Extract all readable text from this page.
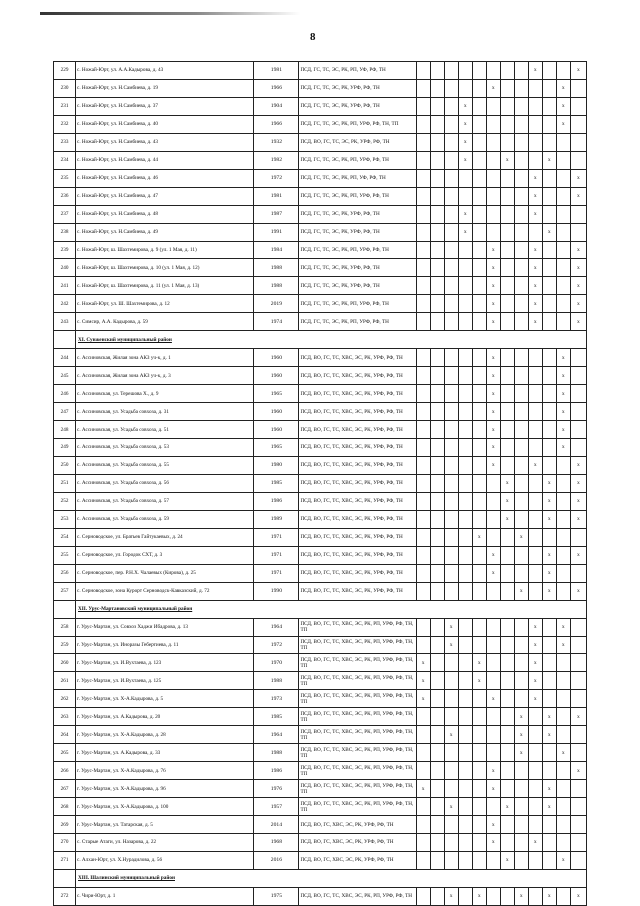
8
229	с. Ножай-Юрт, ул. А.А.Кадырова, д. 43	1981	ПСД, ГС, ТС, ЭС, РК, РП, УФ, РФ, ТН									x			x
230	с. Ножай-Юрт, ул. Н.Самбиева, д. 19	1966	ПСД, ГС, ТС, ЭС, РК, УРФ, РФ, ТН						x					x	
231	с. Ножай-Юрт, ул. Н.Самбиева, д. 37	1904	ПСД, ГС, ТС, ЭС, РК, УРФ, РФ, ТН				x							x	
232	с. Ножай-Юрт, ул. Н.Самбиева, д. 40	1966	ПСД, ГС, ТС, ЭС, РК, РП, УРФ, РФ, ТН, ТП				x							x	
233	с. Ножай-Юрт, ул. Н.Самбиева, д. 43	1932	ПСД, ВО, ГС, ТС, ЭС, РК, УРФ, РФ, ТН				x								
234	с. Ножай-Юрт, ул. Н.Самбиева, д. 44	1982	ПСД, ГС, ТС, ЭС, РК, РП, УРФ, РФ, ТН				x			x			x		
235	с. Ножай-Юрт, ул. Н.Самбиева, д. 46	1972	ПСД, ГС, ТС, ЭС, РК, РП, УФ, РФ, ТН									x			x
236	с. Ножай-Юрт, ул. Н.Самбиева, д. 47	1981	ПСД, ГС, ТС, ЭС, РК, РП, УРФ, РФ, ТН									x			x
237	с. Ножай-Юрт, ул. Н.Самбиева, д. 48	1987	ПСД, ГС, ТС, ЭС, РК, УРФ, РФ, ТН				x					x			
238	с. Ножай-Юрт, ул. Н.Самбиева, д. 49	1991	ПСД, ГС, ТС, ЭС, РК, УРФ, РФ, ТН				x						x		
239	с. Ножай-Юрт, ш. Шахтемирова, д. 9 (ул. 1 Мая, д. 11)	1984	ПСД, ГС, ТС, ЭС, РК, РП, УРФ, РФ, ТН						x			x			x
240	с. Ножай-Юрт, ш. Шахтемирова, д. 10 (ул. 1 Мая, д. 12)	1988	ПСД, ГС, ТС, ЭС, РК, УРФ, РФ, ТН						x			x			x
241	с. Ножай-Юрт, ш. Шахтемирова, д. 11 (ул. 1 Мая, д. 13)	1988	ПСД, ГС, ТС, ЭС, РК, УРФ, РФ, ТН						x			x			x
242	с. Ножай-Юрт, ул. Ш. Шахтемирова, д. 12	2019	ПСД, ГС, ТС, ЭС, РК, РП, УРФ, РФ, ТН						x			x			x
243	с. Симсир, А.А. Кадырова, д. 59	1974	ПСД, ГС, ТС, ЭС, РК, РП, УРФ, РФ, ТН						x			x			x
	XI. Сунженский муниципальный район														
244	с. Ассиновская, Жилая зона АКЗ уч-к, д. 1	1960	ПСД, ВО, ГС, ТС, ХВС, ЭС, РК, УРФ, РФ, ТН						x					x	
245	с. Ассиновская, Жилая зона АКЗ уч-к, д. 3	1960	ПСД, ВО, ГС, ТС, ХВС, ЭС, РК, УРФ, РФ, ТН						x					x	
246	с. Ассиновская, ул. Терешова Х., д. 9	1965	ПСД, ВО, ГС, ТС, ХВС, ЭС, РК, УРФ, РФ, ТН						x					x	
247	с. Ассиновская, ул. Усадьба совхоза, д. 31	1960	ПСД, ВО, ГС, ТС, ХВС, ЭС, РК, УРФ, РФ, ТН						x					x	
248	с. Ассиновская, ул. Усадьба совхоза, д. 51	1960	ПСД, ВО, ГС, ТС, ХВС, ЭС, РК, УРФ, РФ, ТН						x					x	
249	с. Ассиновская, ул. Усадьба совхоза, д. 53	1965	ПСД, ВО, ГС, ТС, ХВС, ЭС, РК, УРФ, РФ, ТН						x					x	
250	с. Ассиновская, ул. Усадьба совхоза, д. 55	1980	ПСД, ВО, ГС, ТС, ХВС, ЭС, РК, УРФ, РФ, ТН						x			x			x
251	с. Ассиновская, ул. Усадьба совхоза, д. 56	1985	ПСД, ВО, ГС, ТС, ХВС, ЭС, РК, УРФ, РФ, ТН							x			x		x
252	с. Ассиновская, ул. Усадьба совхоза, д. 57	1986	ПСД, ВО, ГС, ТС, ХВС, ЭС, РК, УРФ, РФ, ТН							x			x		x
253	с. Ассиновская, ул. Усадьба совхоза, д. 59	1989	ПСД, ВО, ГС, ТС, ХВС, ЭС, РК, УРФ, РФ, ТН							x			x		x
254	с. Серноводское, ул. Братьев Гайтукаевых, д. 24	1971	ПСД, ВО, ГС, ТС, ХВС, ЭС, РК, УРФ, РФ, ТН					x			x				
255	с. Серноводское, ул. Городок СХТ, д. 3	1971	ПСД, ВО, ГС, ТС, ХВС, ЭС, РК, УРФ, РФ, ТН						x				x		x
256	с. Серноводское, пер. Р.Н.Х. Чалаевых (Кирова), д. 25	1971	ПСД, ВО, ГС, ТС, ХВС, ЭС, РК, УРФ, РФ, ТН						x				x		
257	с. Серноводское, зона Курорт Серноводск-Кавказский, д. 72	1990	ПСД, ВО, ГС, ТС, ХВС, ЭС, РК, УРФ, РФ, ТН								x		x		x
	XII. Урус-Мартановский муниципальный район														
258	г. Урус-Мартан, ул. Совхоз Хаджи Ибадрова, д. 13	1964	ПСД, ВО, ГС, ТС, ХВС, ЭС, РК, РП, УРФ, РФ, ТН, ТП			x						x		x	
259	г. Урус-Мартан, ул. Иноразы Гебертиева, д. 11	1972	ПСД, ВО, ГС, ТС, ХВС, ЭС, РК, РП, УРФ, РФ, ТН, ТП			x						x		x	
260	г. Урус-Мартан, ул. И.Вухтаева, д. 123	1970	ПСД, ВО, ГС, ТС, ХВС, ЭС, РК, РП, УРФ, РФ, ТН, ТП	x				x				x			
261	г. Урус-Мартан, ул. И.Вухтаева, д. 125	1988	ПСД, ВО, ГС, ТС, ХВС, ЭС, РК, РП, УРФ, РФ, ТН, ТП	x				x				x			
262	г. Урус-Мартан, ул. Х-А.Кадырова, д. 5	1973	ПСД, ВО, ГС, ТС, ХВС, ЭС, РК, РП, УРФ, РФ, ТН, ТП	x					x			x			
263	г. Урус-Мартан, ул. А.Кадырова, д. 20	1985	ПСД, ВО, ГС, ТС, ХВС, ЭС, РК, РП, УРФ, РФ, ТН, ТП								x		x		x
264	г. Урус-Мартан, ул. Х-А.Кадырова, д. 28	1964	ПСД, ВО, ГС, ТС, ХВС, ЭС, РК, РП, УРФ, РФ, ТН, ТП			x					x		x		
265	г. Урус-Мартан, ул. А.Кадырова, д. 33	1988	ПСД, ВО, ГС, ТС, ХВС, ЭС, РК, РП, УРФ, РФ, ТН, ТП								x			x	
266	г. Урус-Мартан, ул. Х-А.Кадырова, д. 76	1986	ПСД, ВО, ГС, ТС, ХВС, ЭС, РК, РП, УРФ, РФ, ТН, ТП						x						x
267	г. Урус-Мартан, ул. Х-А.Кадырова, д. 96	1976	ПСД, ВО, ГС, ТС, ХВС, ЭС, РК, РП, УРФ, РФ, ТН, ТП	x					x				x		
268	г. Урус-Мартан, ул. Х-А.Кадырова, д. 100	1957	ПСД, ВО, ГС, ТС, ХВС, ЭС, РК, РП, УРФ, РФ, ТН, ТП			x				x			x		
269	г. Урус-Мартан, ул. Татарская, д. 5	2014	ПСД, ВО, ГС, ХВС, ЭС, РК, УРФ, РФ, ТН						x						
270	с. Старые Атаги, ул. Назарова, д. 22	1968	ПСД, ВО, ГС, ХВС, ЭС, РК, УРФ, РФ, ТН						x			x			
271	с. Алхан-Юрт, ул. Х.Нурадилова, д. 56	2016	ПСД, ВО, ГС, ХВС, ЭС, РК, УРФ, РФ, ТН							x				x	
	XIII. Шалинский муниципальный район														
272	с. Чири-Юрт, д. 1	1975	ПСД, ВО, ГС, ТС, ХВС, ЭС, РК, РП, УРФ, РФ, ТН			x		x			x		x		x
